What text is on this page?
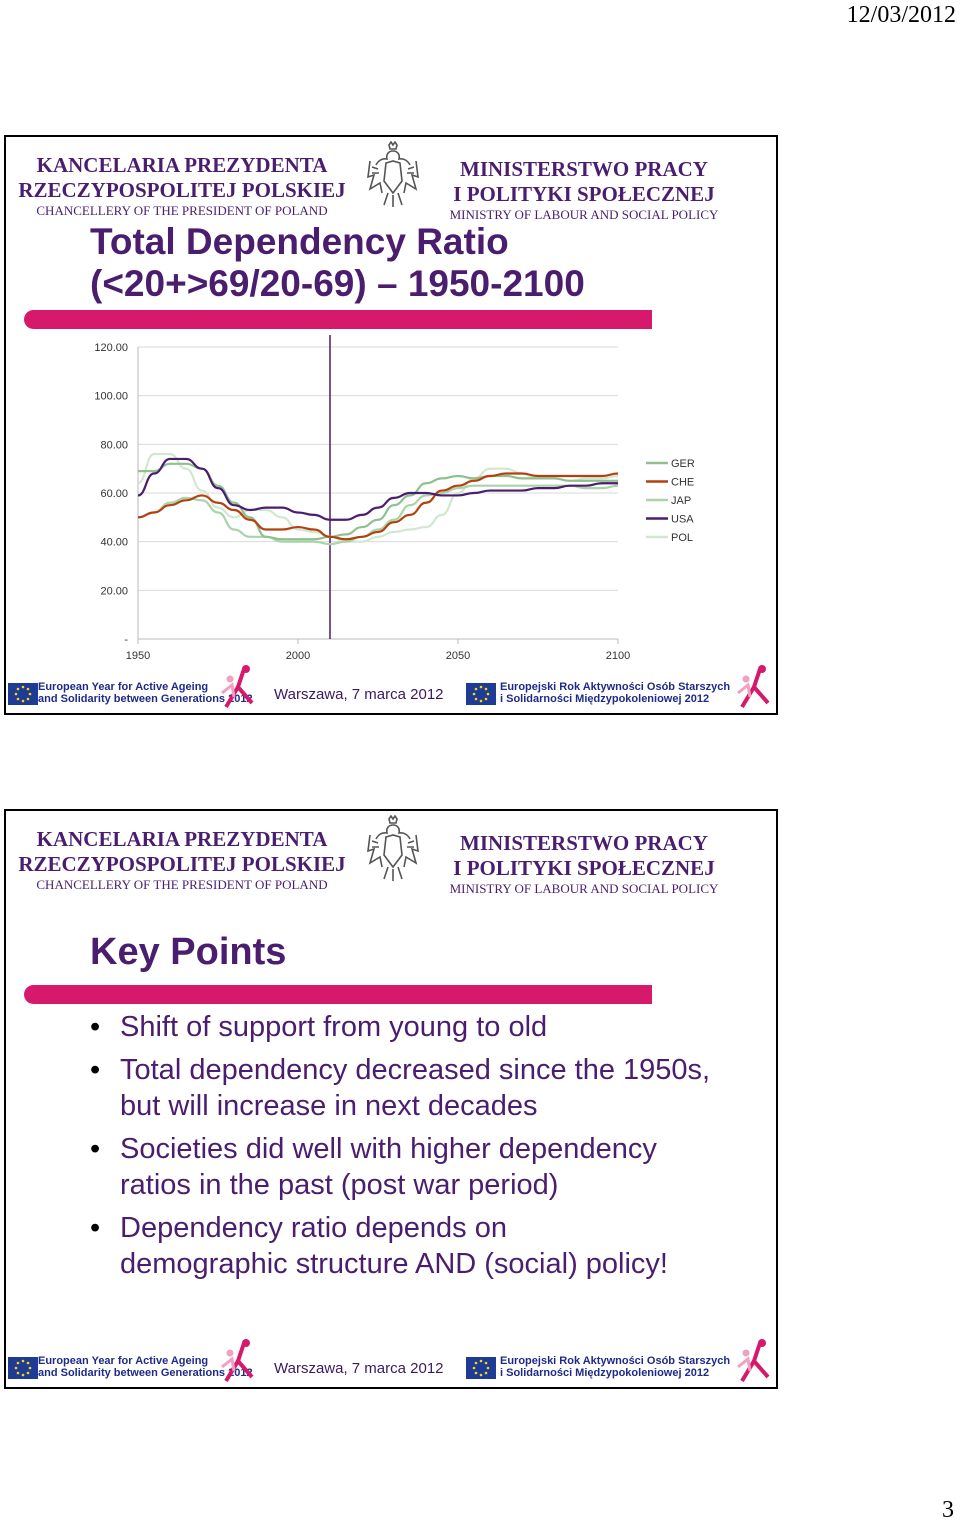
12/03/2012
KANCELARIA PREZYDENTA
RZECZYPOSPOLITEJ POLSKIEJ
CHANCELLERY OF THE PRESIDENT OF POLAND
MINISTERSTWO PRACY
I POLITYKI SPOŁECZNEJ
MINISTRY OF LABOUR AND SOCIAL POLICY
Total Dependency Ratio
(<20+>69/20-69) – 1950-2100
-
20.00
40.00
60.00
80.00
100.00
120.00
1950	2000	2050	2100
GER
CHE
JAP
USA
POL
European Year for Active Ageing
and Solidarity between Generations 2012 Warszawa, 7 marca 2012	Europejski Rok Aktywności Osób Starszych
i Solidarności Międzypokoleniowej 2012
KANCELARIA PREZYDENTA
RZECZYPOSPOLITEJ POLSKIEJ
CHANCELLERY OF THE PRESIDENT OF POLAND
MINISTERSTWO PRACY
I POLITYKI SPOŁECZNEJ
MINISTRY OF LABOUR AND SOCIAL POLICY
Key Points
• Shift of support from young to old
• Total dependency decreased since the 1950s,
but will increase in next decades
• Societies did well with higher dependency
ratios in the past (post war period)
• Dependency ratio depends on
demographic structure AND (social) policy!
European Year for Active Ageing
and Solidarity between Generations 2012 Warszawa, 7 marca 2012	Europejski Rok Aktywności Osób Starszych
i Solidarności Międzypokoleniowej 2012
3
